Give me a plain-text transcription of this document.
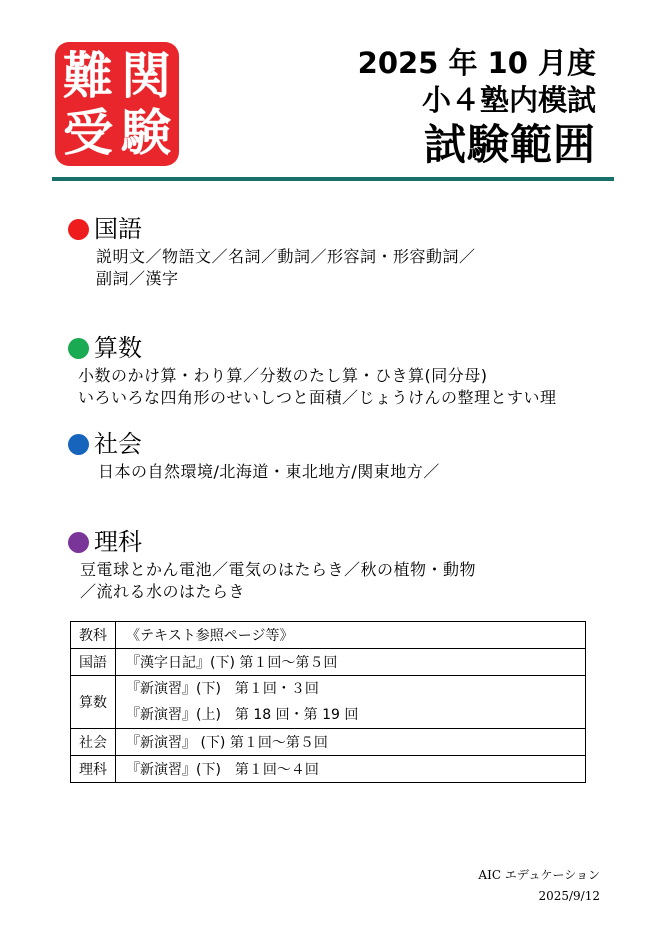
難 関
受 験
2025 年 10 月度
小４塾内模試
試験範囲
国語
説明文／物語文／名詞／動詞／形容詞・形容動詞／
副詞／漢字
算数
小数のかけ算・わり算／分数のたし算・ひき算(同分母)
いろいろな四角形のせいしつと面積／じょうけんの整理とすい理
社会
日本の自然環境/北海道・東北地方/関東地方／
理科
豆電球とかん電池／電気のはたらき／秋の植物・動物
／流れる水のはたらき
教科	《テキスト参照ページ等》
国語	『漢字日記』(下) 第１回〜第５回
算数	『新演習』(下)　第１回・３回
『新演習』(上)　第 18 回・第 19 回

社会	『新演習』 (下) 第１回〜第５回
理科	『新演習』(下)　第１回〜４回
AIC エデュケーション
2025/9/12
